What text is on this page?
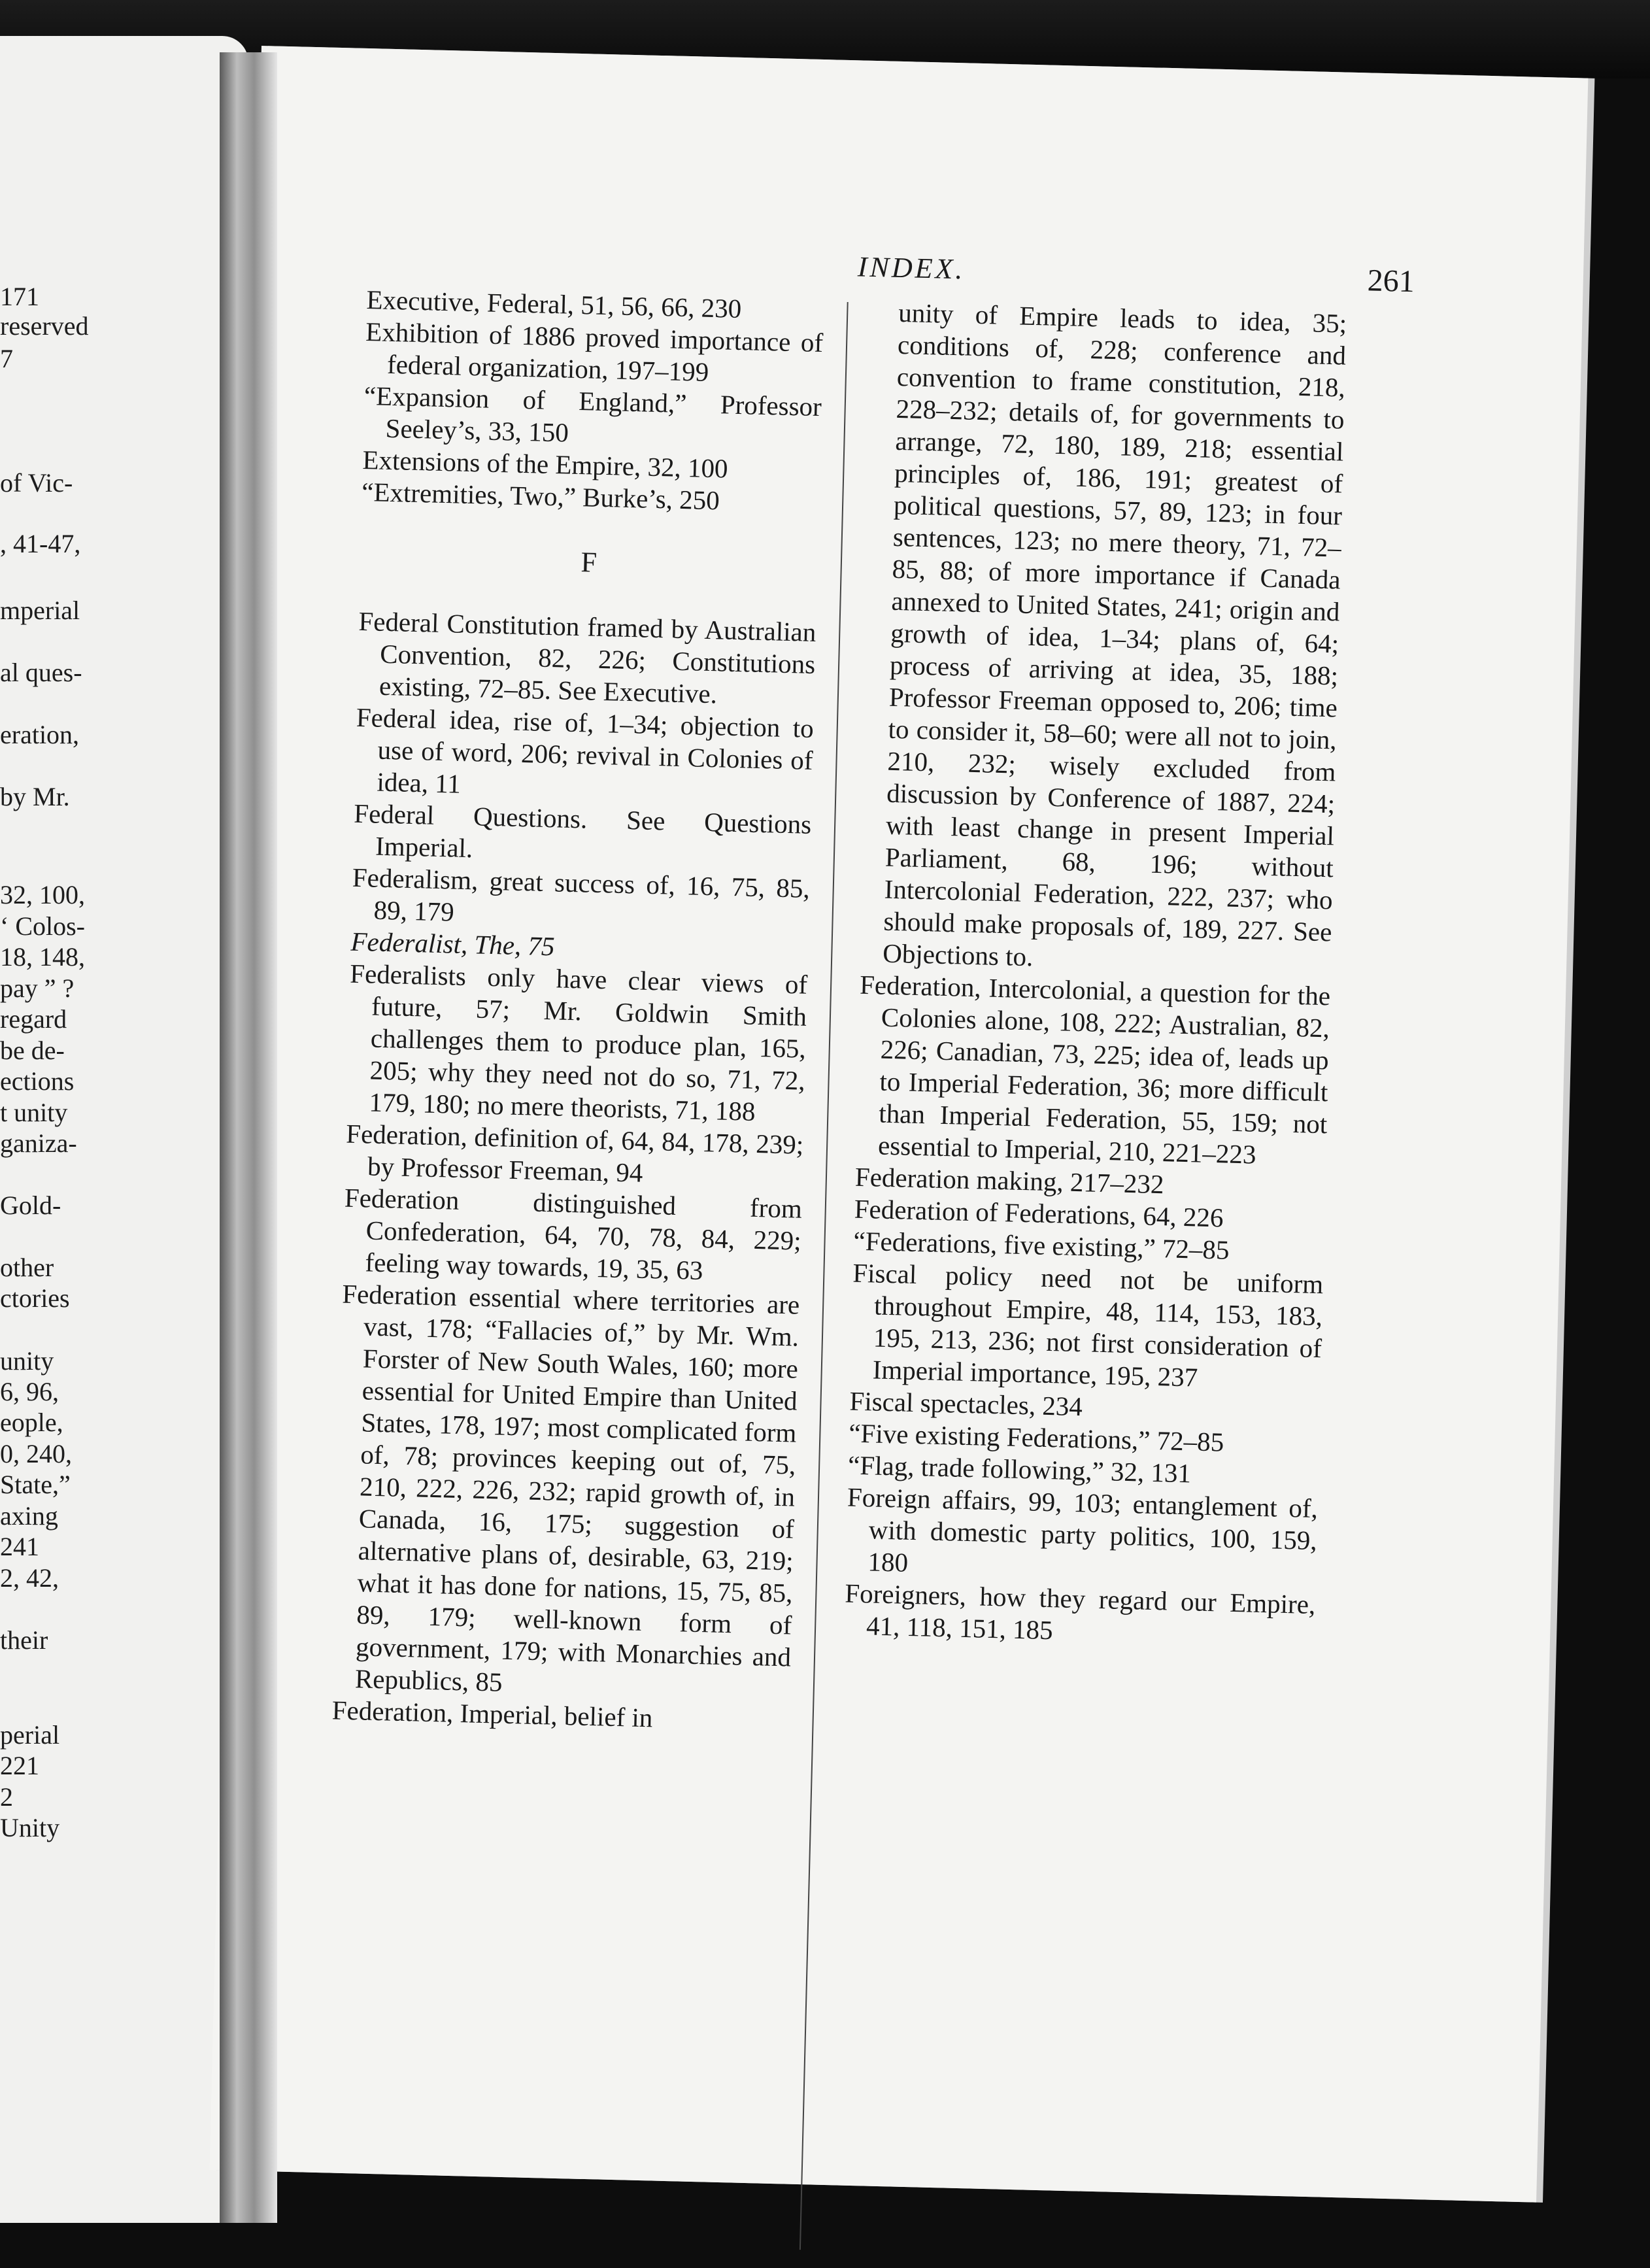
171
reserved
7
of Vic-
, 41-47,
mperial
al ques-
eration,
by Mr.
32, 100,
‘ Colos-
18, 148,
pay ” ?
regard
be de-
ections
t unity
ganiza-
Gold-
other
ctories
unity
6, 96,
eople,
0, 240,
State,”
axing
241
2, 42,
their
perial
221
2
Unity
INDEX.	261
Executive, Federal, 51, 56, 66, 230
Exhibition of 1886 proved importance of federal organization, 197–199
“Expansion of England,” Professor Seeley’s, 33, 150
Extensions of the Empire, 32, 100
“Extremities, Two,” Burke’s, 250
F
Federal Constitution framed by Australian Convention, 82, 226; Constitutions existing, 72–85. See Executive.
Federal idea, rise of, 1–34; objection to use of word, 206; revival in Colonies of idea, 11
Federal Questions. See Questions Imperial.
Federalism, great success of, 16, 75, 85, 89, 179
Federalist, The, 75
Federalists only have clear views of future, 57; Mr. Goldwin Smith challenges them to produce plan, 165, 205; why they need not do so, 71, 72, 179, 180; no mere theorists, 71, 188
Federation, definition of, 64, 84, 178, 239; by Professor Freeman, 94
Federation distinguished from Confederation, 64, 70, 78, 84, 229; feeling way towards, 19, 35, 63
Federation essential where territories are vast, 178; “Fallacies of,” by Mr. Wm. Forster of New South Wales, 160; more essential for United Empire than United States, 178, 197; most complicated form of, 78; provinces keeping out of, 75, 210, 222, 226, 232; rapid growth of, in Canada, 16, 175; suggestion of alternative plans of, desirable, 63, 219; what it has done for nations, 15, 75, 85, 89, 179; well-known form of government, 179; with Monarchies and Republics, 85
Federation, Imperial, belief in
unity of Empire leads to idea, 35; conditions of, 228; conference and convention to frame constitution, 218, 228–232; details of, for governments to arrange, 72, 180, 189, 218; essential principles of, 186, 191; greatest of political questions, 57, 89, 123; in four sentences, 123; no mere theory, 71, 72–85, 88; of more importance if Canada annexed to United States, 241; origin and growth of idea, 1–34; plans of, 64; process of arriving at idea, 35, 188; Professor Freeman opposed to, 206; time to consider it, 58–60; were all not to join, 210, 232; wisely excluded from discussion by Conference of 1887, 224; with least change in present Imperial Parliament, 68, 196; without Intercolonial Federation, 222, 237; who should make proposals of, 189, 227. See Objections to.
Federation, Intercolonial, a question for the Colonies alone, 108, 222; Australian, 82, 226; Canadian, 73, 225; idea of, leads up to Imperial Federation, 36; more difficult than Imperial Federation, 55, 159; not essential to Imperial, 210, 221–223
Federation making, 217–232
Federation of Federations, 64, 226
“Federations, five existing,” 72–85
Fiscal policy need not be uniform throughout Empire, 48, 114, 153, 183, 195, 213, 236; not first consideration of Imperial importance, 195, 237
Fiscal spectacles, 234
“Five existing Federations,” 72–85
“Flag, trade following,” 32, 131
Foreign affairs, 99, 103; entanglement of, with domestic party politics, 100, 159, 180
Foreigners, how they regard our Empire, 41, 118, 151, 185
